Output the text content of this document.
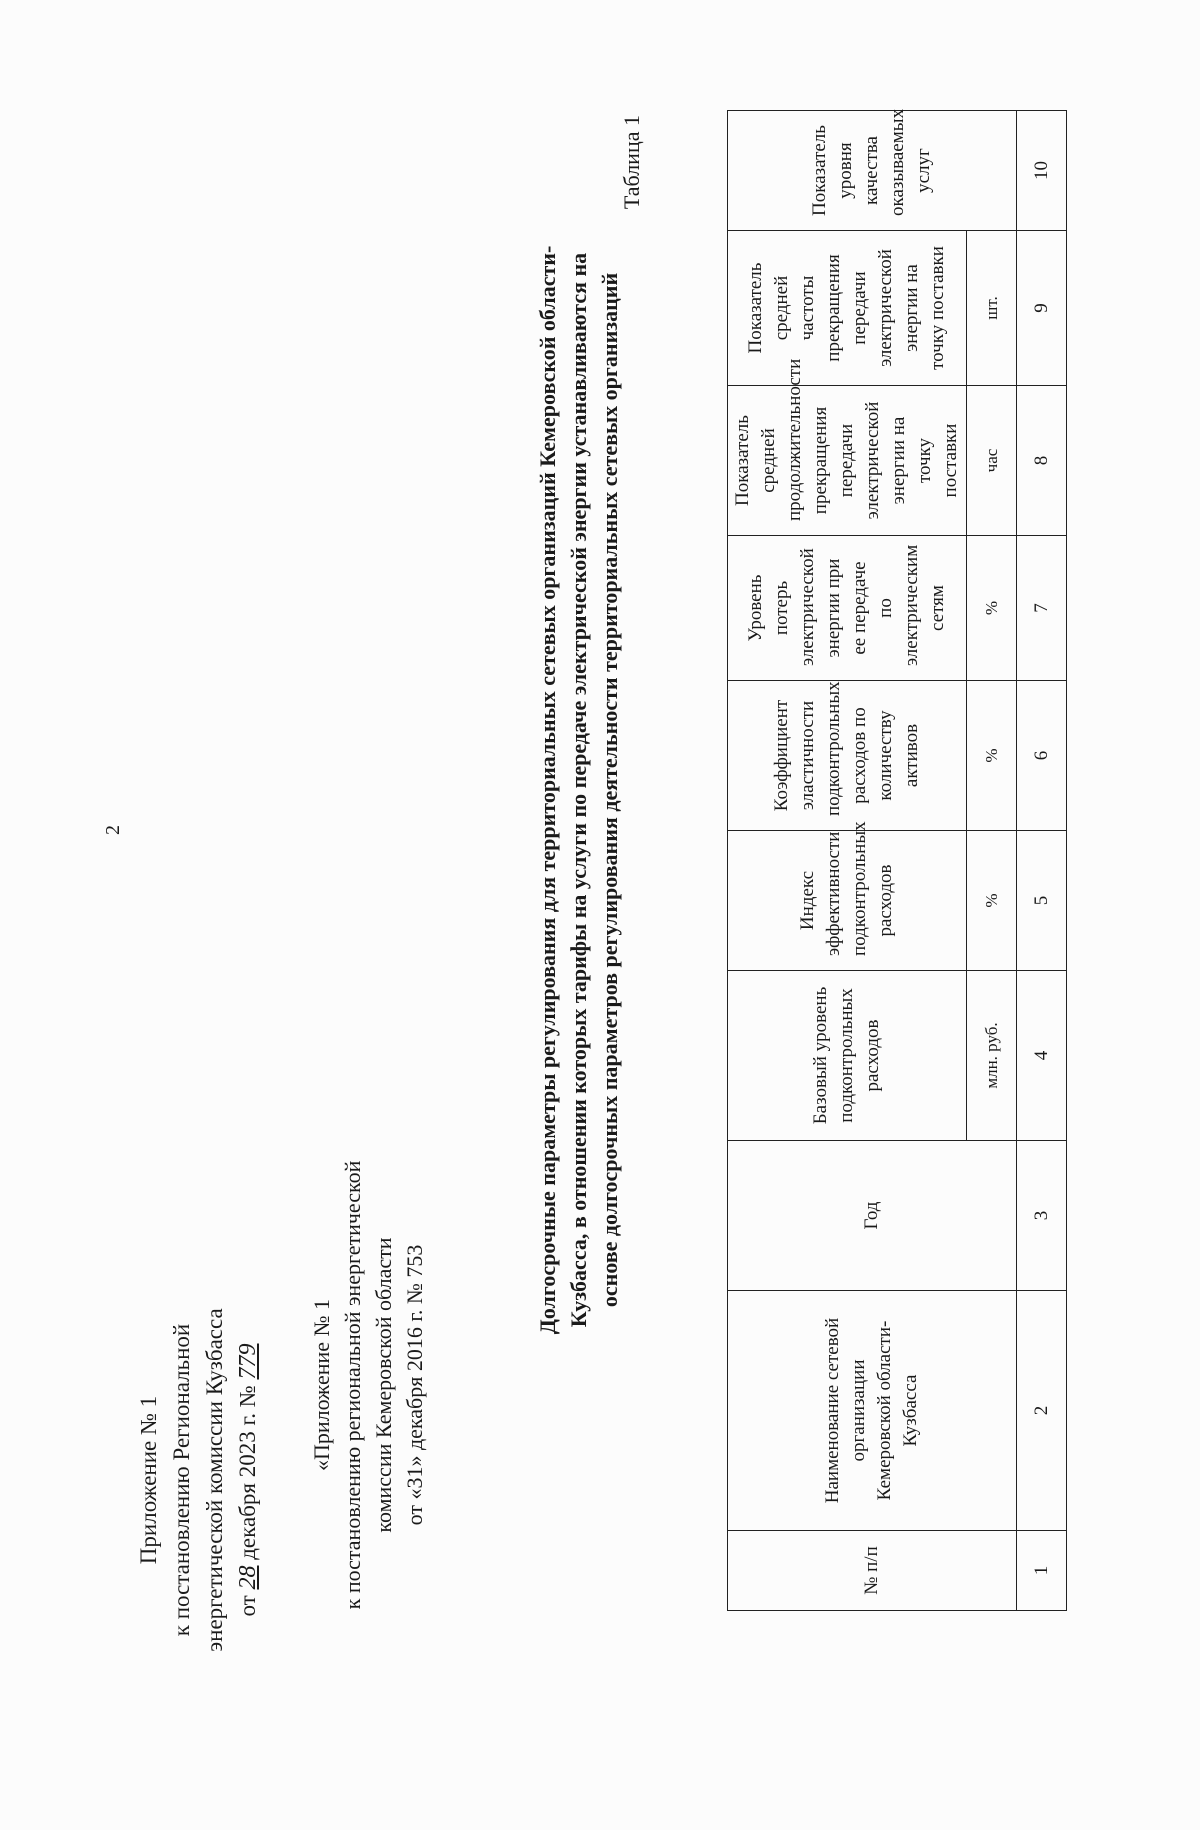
2
Приложение № 1 к постановлению Региональной энергетической комиссии Кузбасса от 28 декабря 2023 г. № 779 «Приложение № 1 к постановлению региональной энергетической комиссии Кемеровской области от «31» декабря 2016 г. № 753
Долгосрочные параметры регулирования для территориальных сетевых организаций Кемеровской области- Кузбасса, в отношении которых тарифы на услуги по передаче электрической энергии устанавливаются на основе долгосрочных параметров регулирования деятельности территориальных сетевых организаций
Таблица 1
№ п/п	Наименование сетевой организации Кемеровской области-Кузбасса	Год	Базовый уровень подконтрольных расходов	Индекс эффективности подконтрольных расходов	Коэффициент эластичности подконтрольных расходов по количеству активов	Уровень потерь электрической энергии при ее передаче по электрическим сетям	Показатель средней продолжительности прекращения передачи электрической энергии на точку поставки	Показатель средней частоты прекращения передачи электрической энергии на точку поставки	Показатель уровня качества оказываемых услуг
			млн. руб.	%	%	%	час	шт.	
1	2	3	4	5	6	7	8	9	10
